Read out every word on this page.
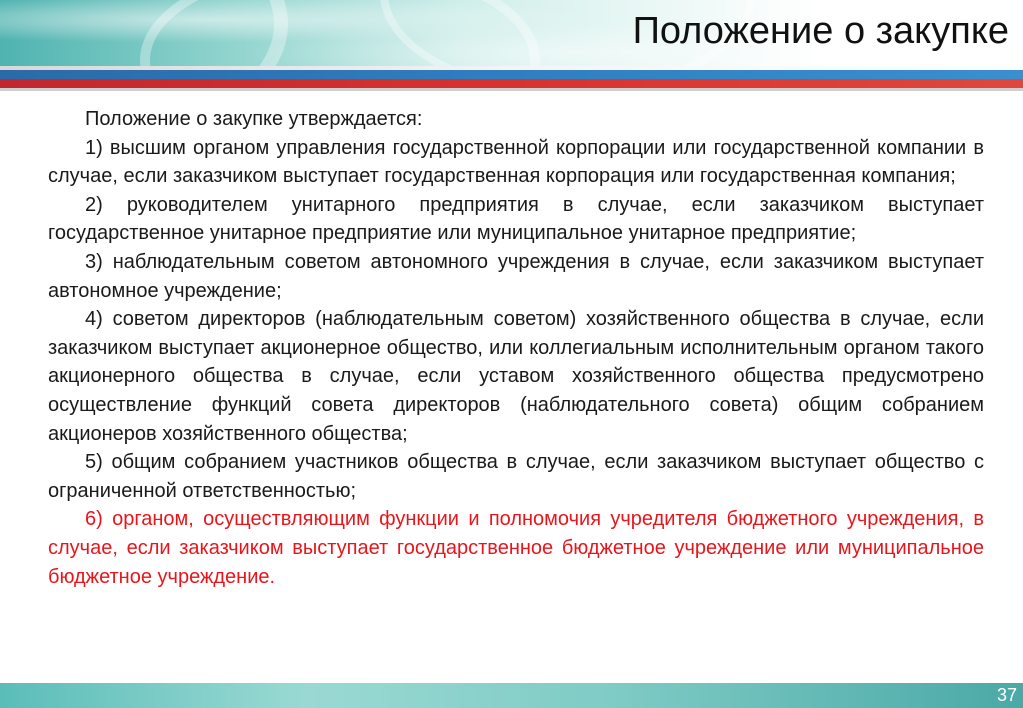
Положение о закупке

Положение о закупке утверждается:

1) высшим органом управления государственной корпорации или государственной компании в случае, если заказчиком выступает государственная корпорация или государственная компания;

2) руководителем унитарного предприятия в случае, если заказчиком выступает государственное унитарное предприятие или муниципальное унитарное предприятие;

3) наблюдательным советом автономного учреждения в случае, если заказчиком выступает автономное учреждение;

4) советом директоров (наблюдательным советом) хозяйственного общества в случае, если заказчиком выступает акционерное общество, или коллегиальным исполнительным органом такого акционерного общества в случае, если уставом хозяйственного общества предусмотрено осуществление функций совета директоров (наблюдательного совета) общим собранием акционеров хозяйственного общества;

5) общим собранием участников общества в случае, если заказчиком выступает общество с ограниченной ответственностью;

6) органом, осуществляющим функции и полномочия учредителя бюджетного учреждения, в случае, если заказчиком выступает государственное бюджетное учреждение или муниципальное бюджетное учреждение.

37
